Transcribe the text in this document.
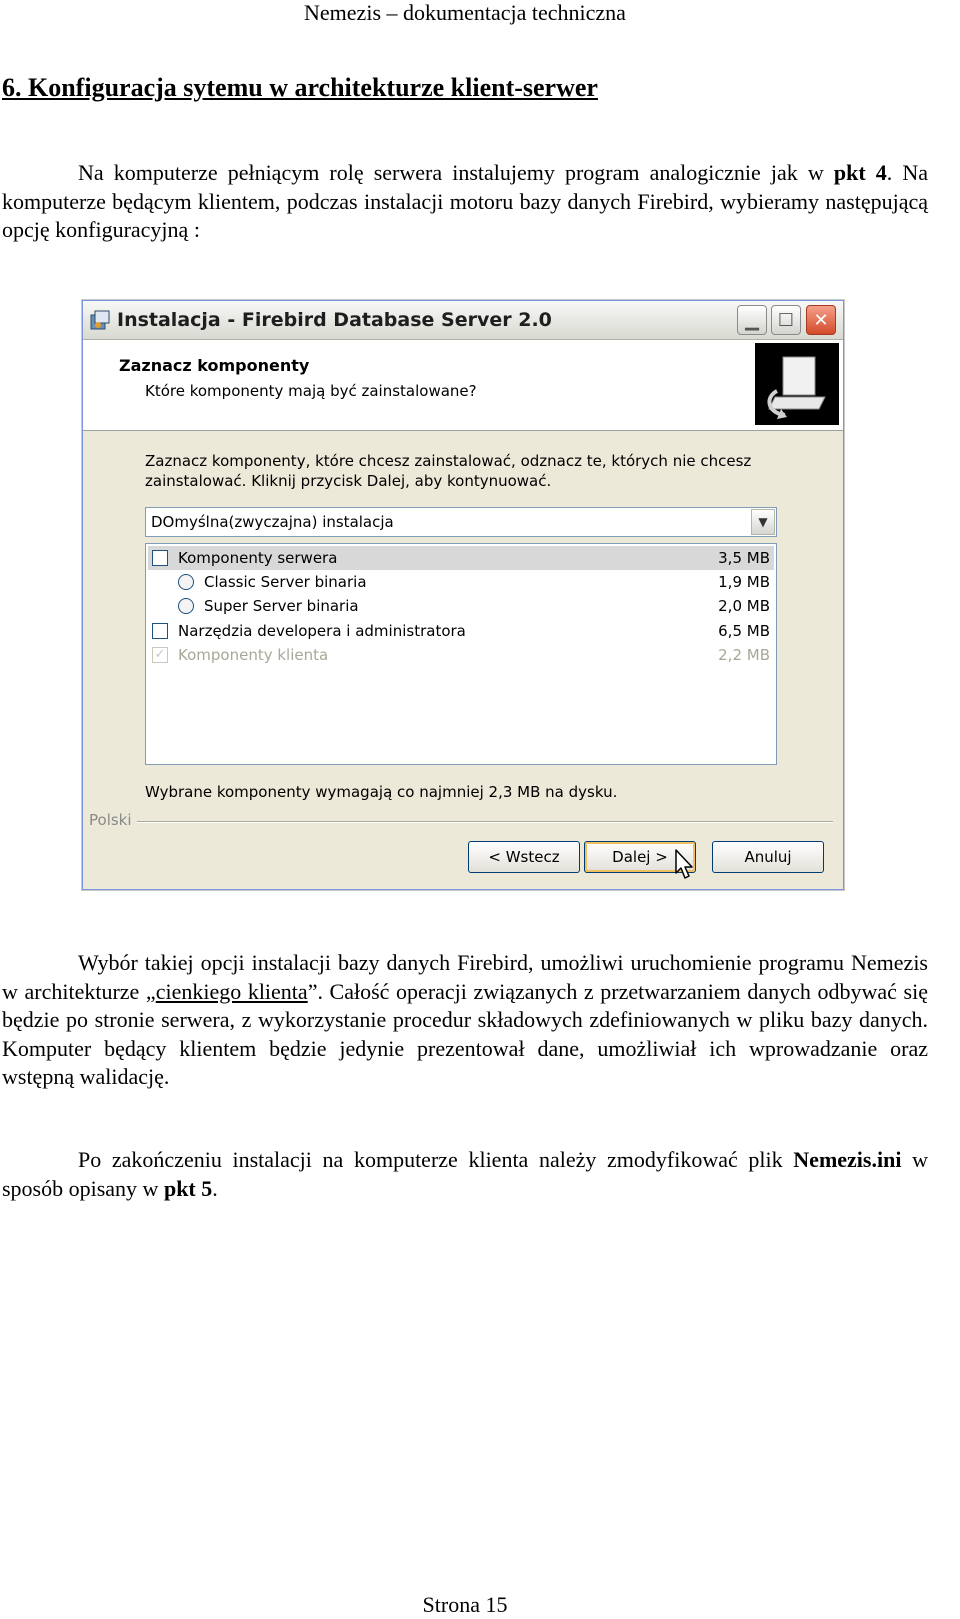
Nemezis – dokumentacja techniczna
6. Konfiguracja sytemu w architekturze klient-serwer
Na komputerze pełniącym rolę serwera instalujemy program analogicznie jak w pkt 4. Na komputerze będącym klientem, podczas instalacji motoru bazy danych Firebird, wybieramy następującą opcję konfiguracyjną :
Instalacja - Firebird Database Server 2.0	▁ ☐ ✕
Zaznacz komponenty
Które komponenty mają być zainstalowane?
Zaznacz komponenty, które chcesz zainstalować, odznacz te, których nie chcesz zainstalować. Kliknij przycisk Dalej, aby kontynuować.
DOmyślna(zwyczajna) instalacja	▼
Komponenty serwera	3,5 MB
Classic Server binaria	1,9 MB
Super Server binaria	2,0 MB
Narzędzia developera i administratora	6,5 MB
✓ Komponenty klienta	2,2 MB
Wybrane komponenty wymagają co najmniej 2,3 MB na dysku.
Polski
< Wstecz	Dalej >	Anuluj
Wybór takiej opcji instalacji bazy danych Firebird, umożliwi uruchomienie programu Nemezis w architekturze „cienkiego klienta”. Całość operacji związanych z przetwarzaniem danych odbywać się będzie po stronie serwera, z wykorzystanie procedur składowych zdefiniowanych w pliku bazy danych. Komputer będący klientem będzie jedynie prezentował dane, umożliwiał ich wprowadzanie oraz wstępną walidację.
Po zakończeniu instalacji na komputerze klienta należy zmodyfikować plik Nemezis.ini w sposób opisany w pkt 5.
Strona 15
